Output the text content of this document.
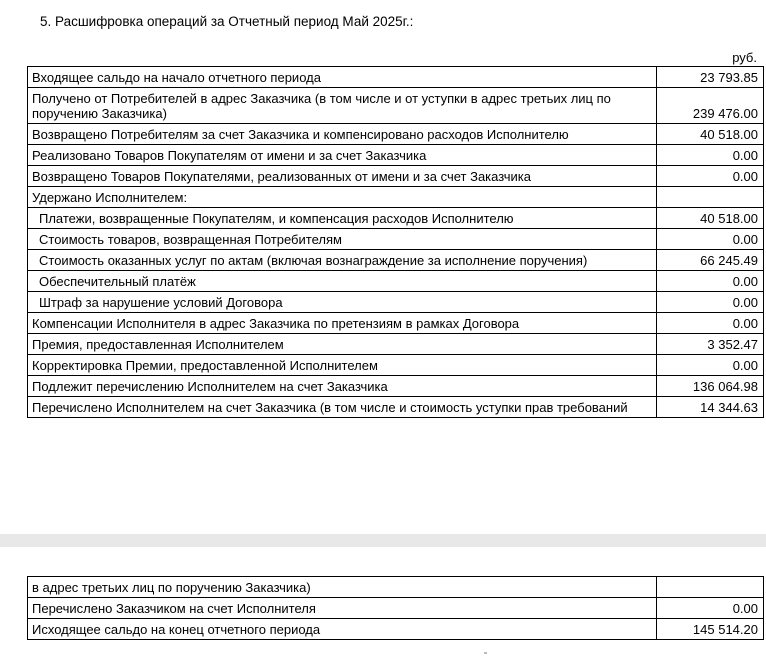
5. Расшифровка операций за Отчетный период Май 2025г.:
руб.
Входящее сальдо на начало отчетного периода	23 793.85
Получено от Потребителей в адрес Заказчика (в том числе и от уступки в адрес третьих лиц по поручению Заказчика)	239 476.00
Возвращено Потребителям за счет Заказчика и компенсировано расходов Исполнителю	40 518.00
Реализовано Товаров Покупателям от имени и за счет Заказчика	0.00
Возвращено Товаров Покупателями, реализованных от имени и за счет Заказчика	0.00
Удержано Исполнителем:	
Платежи, возвращенные Покупателям, и компенсация расходов Исполнителю	40 518.00
Стоимость товаров, возвращенная Потребителям	0.00
Стоимость оказанных услуг по актам (включая вознаграждение за исполнение поручения)	66 245.49
Обеспечительный платёж	0.00
Штраф за нарушение условий Договора	0.00
Компенсации Исполнителя в адрес Заказчика по претензиям в рамках Договора	0.00
Премия, предоставленная Исполнителем	3 352.47
Корректировка Премии, предоставленной Исполнителем	0.00
Подлежит перечислению Исполнителем на счет Заказчика	136 064.98
Перечислено Исполнителем на счет Заказчика (в том числе и стоимость уступки прав требований	14 344.63
в адрес третьих лиц по поручению Заказчика)	
Перечислено Заказчиком на счет Исполнителя	0.00
Исходящее сальдо на конец отчетного периода	145 514.20
